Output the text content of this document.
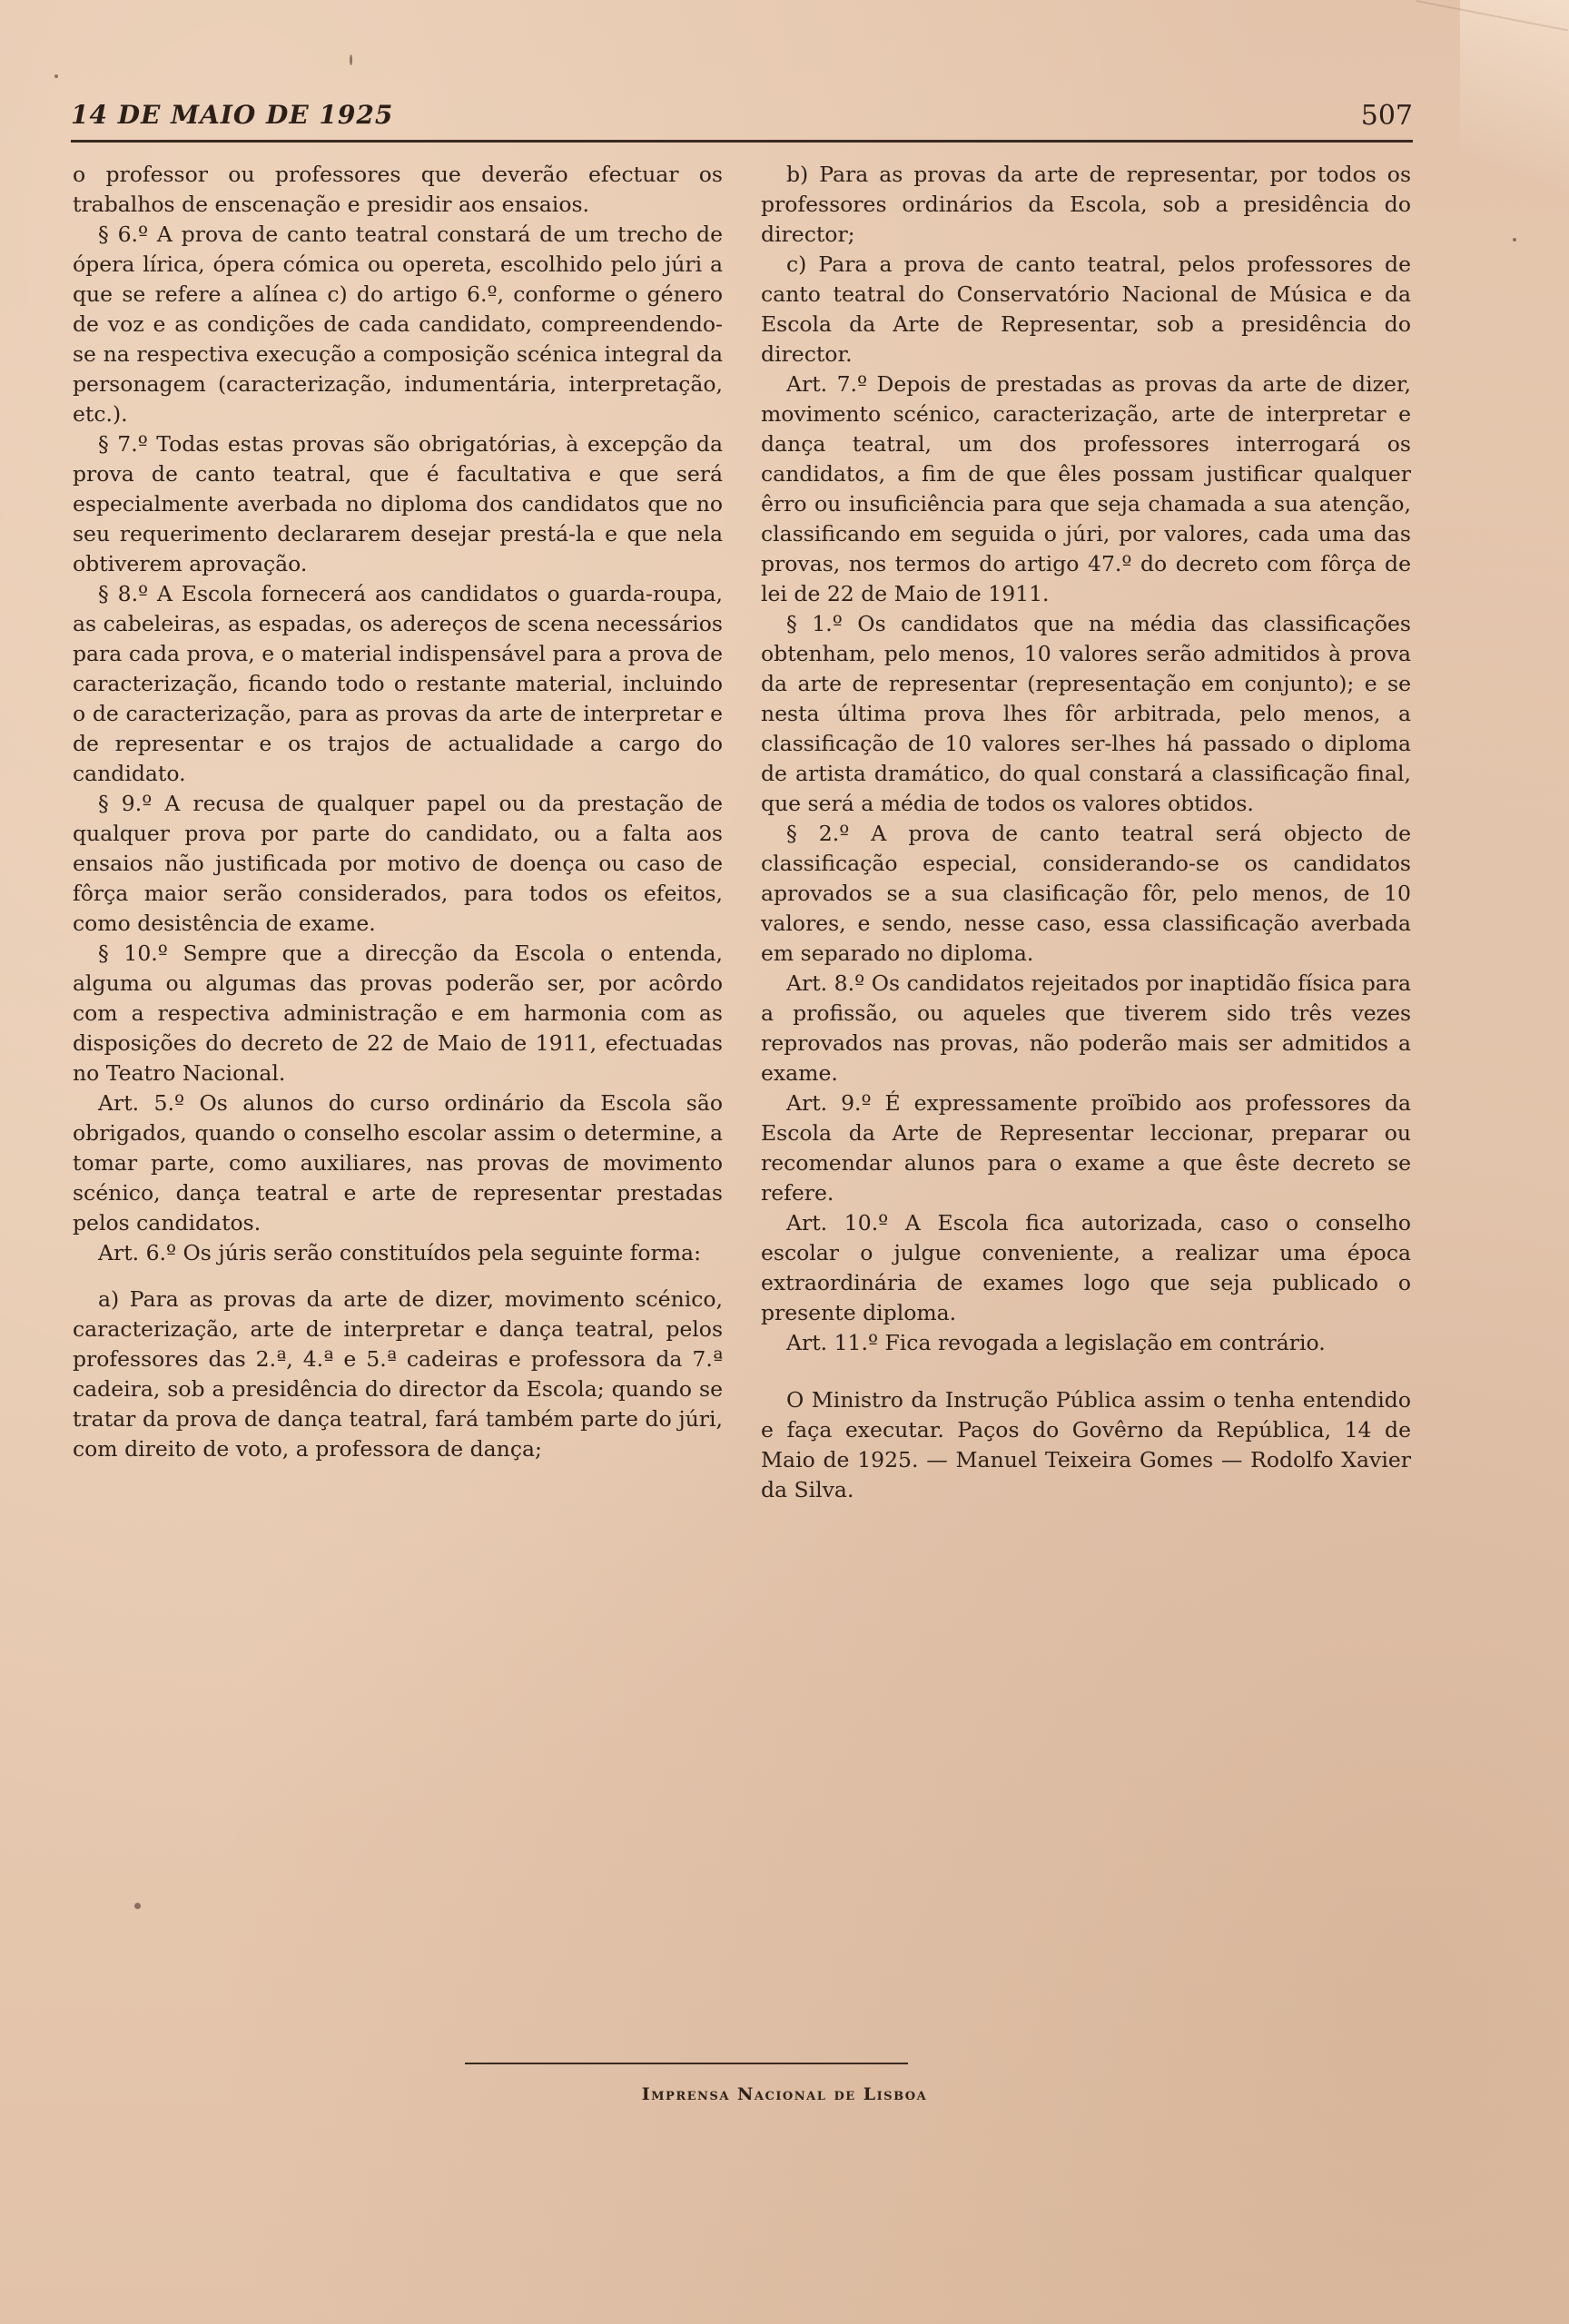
14 DE MAIO DE 1925	507

o professor ou professores que deverão efectuar os trabalhos de enscenação e presidir aos ensaios.

§ 6.º A prova de canto teatral constará de um trecho de ópera lírica, ópera cómica ou opereta, escolhido pelo júri a que se refere a alínea c) do artigo 6.º, conforme o género de voz e as condições de cada candidato, compreendendo-se na respectiva execução a composição scénica integral da personagem (caracterização, indumentária, interpretação, etc.).

§ 7.º Todas estas provas são obrigatórias, à excepção da prova de canto teatral, que é facultativa e que será especialmente averbada no diploma dos candidatos que no seu requerimento declararem desejar prestá-la e que nela obtiverem aprovação.

§ 8.º A Escola fornecerá aos candidatos o guarda-roupa, as cabeleiras, as espadas, os adereços de scena necessários para cada prova, e o material indispensável para a prova de caracterização, ficando todo o restante material, incluindo o de caracterização, para as provas da arte de interpretar e de representar e os trajos de actualidade a cargo do candidato.

§ 9.º A recusa de qualquer papel ou da prestação de qualquer prova por parte do candidato, ou a falta aos ensaios não justificada por motivo de doença ou caso de fôrça maior serão considerados, para todos os efeitos, como desistência de exame.

§ 10.º Sempre que a direcção da Escola o entenda, alguma ou algumas das provas poderão ser, por acôrdo com a respectiva administração e em harmonia com as disposições do decreto de 22 de Maio de 1911, efectuadas no Teatro Nacional.

Art. 5.º Os alunos do curso ordinário da Escola são obrigados, quando o conselho escolar assim o determine, a tomar parte, como auxiliares, nas provas de movimento scénico, dança teatral e arte de representar prestadas pelos candidatos.

Art. 6.º Os júris serão constituídos pela seguinte forma:

a) Para as provas da arte de dizer, movimento scénico, caracterização, arte de interpretar e dança teatral, pelos professores das 2.ª, 4.ª e 5.ª cadeiras e professora da 7.ª cadeira, sob a presidência do director da Escola; quando se tratar da prova de dança teatral, fará também parte do júri, com direito de voto, a professora de dança;

b) Para as provas da arte de representar, por todos os professores ordinários da Escola, sob a presidência do director;

c) Para a prova de canto teatral, pelos professores de canto teatral do Conservatório Nacional de Música e da Escola da Arte de Representar, sob a presidência do director.

Art. 7.º Depois de prestadas as provas da arte de dizer, movimento scénico, caracterização, arte de interpretar e dança teatral, um dos professores interrogará os candidatos, a fim de que êles possam justificar qualquer êrro ou insuficiência para que seja chamada a sua atenção, classificando em seguida o júri, por valores, cada uma das provas, nos termos do artigo 47.º do decreto com fôrça de lei de 22 de Maio de 1911.

§ 1.º Os candidatos que na média das classificações obtenham, pelo menos, 10 valores serão admitidos à prova da arte de representar (representação em conjunto); e se nesta última prova lhes fôr arbitrada, pelo menos, a classificação de 10 valores ser-lhes há passado o diploma de artista dramático, do qual constará a classificação final, que será a média de todos os valores obtidos.

§ 2.º A prova de canto teatral será objecto de classificação especial, considerando-se os candidatos aprovados se a sua clasificação fôr, pelo menos, de 10 valores, e sendo, nesse caso, essa classificação averbada em separado no diploma.

Art. 8.º Os candidatos rejeitados por inaptidão física para a profissão, ou aqueles que tiverem sido três vezes reprovados nas provas, não poderão mais ser admitidos a exame.

Art. 9.º É expressamente proïbido aos professores da Escola da Arte de Representar leccionar, preparar ou recomendar alunos para o exame a que êste decreto se refere.

Art. 10.º A Escola fica autorizada, caso o conselho escolar o julgue conveniente, a realizar uma época extraordinária de exames logo que seja publicado o presente diploma.

Art. 11.º Fica revogada a legislação em contrário.

O Ministro da Instrução Pública assim o tenha entendido e faça executar. Paços do Govêrno da República, 14 de Maio de 1925. — Manuel Teixeira Gomes — Rodolfo Xavier da Silva.

Imprensa Nacional de Lisboa
